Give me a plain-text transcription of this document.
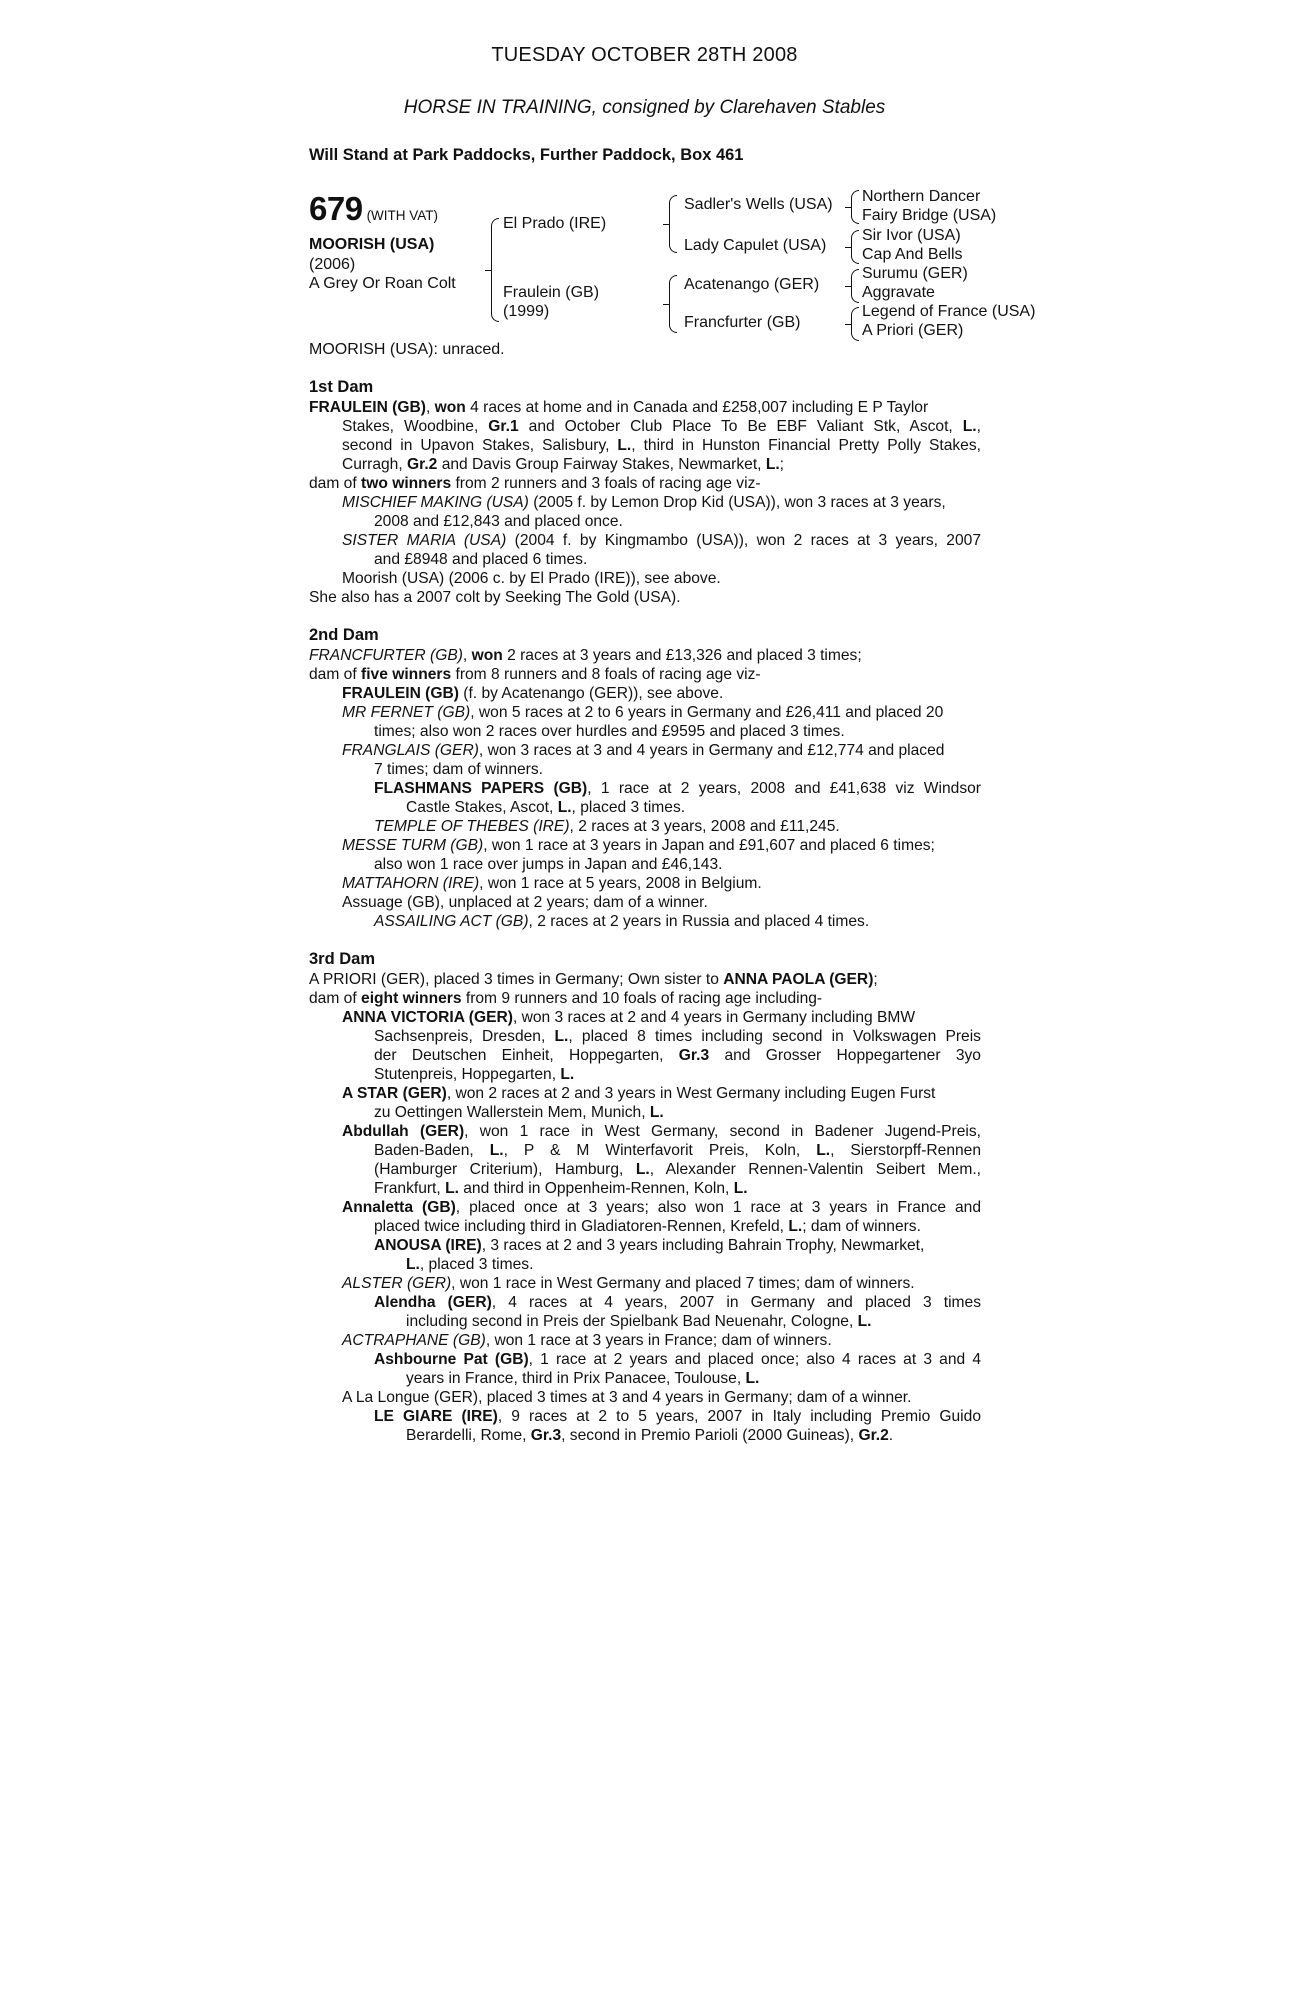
TUESDAY OCTOBER 28TH 2008
HORSE IN TRAINING, consigned by Clarehaven Stables
Will Stand at Park Paddocks, Further Paddock, Box 461
679 (WITH VAT)
MOORISH (USA)
(2006)
A Grey Or Roan Colt
El Prado (IRE)
Fraulein (GB)
(1999)
Sadler's Wells (USA)
Lady Capulet (USA)
Acatenango (GER)
Francfurter (GB)
Northern Dancer
Fairy Bridge (USA)
Sir Ivor (USA)
Cap And Bells
Surumu (GER)
Aggravate
Legend of France (USA)
A Priori (GER)
MOORISH (USA): unraced.
1st Dam
FRAULEIN (GB), won 4 races at home and in Canada and £258,007 including E P Taylor
Stakes, Woodbine, Gr.1 and October Club Place To Be EBF Valiant Stk, Ascot, L.,
second in Upavon Stakes, Salisbury, L., third in Hunston Financial Pretty Polly Stakes,
Curragh, Gr.2 and Davis Group Fairway Stakes, Newmarket, L.;
dam of two winners from 2 runners and 3 foals of racing age viz-
MISCHIEF MAKING (USA) (2005 f. by Lemon Drop Kid (USA)), won 3 races at 3 years,
2008 and £12,843 and placed once.
SISTER MARIA (USA) (2004 f. by Kingmambo (USA)), won 2 races at 3 years, 2007
and £8948 and placed 6 times.
Moorish (USA) (2006 c. by El Prado (IRE)), see above.
She also has a 2007 colt by Seeking The Gold (USA).
2nd Dam
FRANCFURTER (GB), won 2 races at 3 years and £13,326 and placed 3 times;
dam of five winners from 8 runners and 8 foals of racing age viz-
FRAULEIN (GB) (f. by Acatenango (GER)), see above.
MR FERNET (GB), won 5 races at 2 to 6 years in Germany and £26,411 and placed 20
times; also won 2 races over hurdles and £9595 and placed 3 times.
FRANGLAIS (GER), won 3 races at 3 and 4 years in Germany and £12,774 and placed
7 times; dam of winners.
FLASHMANS PAPERS (GB), 1 race at 2 years, 2008 and £41,638 viz Windsor
Castle Stakes, Ascot, L., placed 3 times.
TEMPLE OF THEBES (IRE), 2 races at 3 years, 2008 and £11,245.
MESSE TURM (GB), won 1 race at 3 years in Japan and £91,607 and placed 6 times;
also won 1 race over jumps in Japan and £46,143.
MATTAHORN (IRE), won 1 race at 5 years, 2008 in Belgium.
Assuage (GB), unplaced at 2 years; dam of a winner.
ASSAILING ACT (GB), 2 races at 2 years in Russia and placed 4 times.
3rd Dam
A PRIORI (GER), placed 3 times in Germany; Own sister to ANNA PAOLA (GER);
dam of eight winners from 9 runners and 10 foals of racing age including-
ANNA VICTORIA (GER), won 3 races at 2 and 4 years in Germany including BMW
Sachsenpreis, Dresden, L., placed 8 times including second in Volkswagen Preis
der Deutschen Einheit, Hoppegarten, Gr.3 and Grosser Hoppegartener 3yo
Stutenpreis, Hoppegarten, L.
A STAR (GER), won 2 races at 2 and 3 years in West Germany including Eugen Furst
zu Oettingen Wallerstein Mem, Munich, L.
Abdullah (GER), won 1 race in West Germany, second in Badener Jugend-Preis,
Baden-Baden, L., P & M Winterfavorit Preis, Koln, L., Sierstorpff-Rennen
(Hamburger Criterium), Hamburg, L., Alexander Rennen-Valentin Seibert Mem.,
Frankfurt, L. and third in Oppenheim-Rennen, Koln, L.
Annaletta (GB), placed once at 3 years; also won 1 race at 3 years in France and
placed twice including third in Gladiatoren-Rennen, Krefeld, L.; dam of winners.
ANOUSA (IRE), 3 races at 2 and 3 years including Bahrain Trophy, Newmarket,
L., placed 3 times.
ALSTER (GER), won 1 race in West Germany and placed 7 times; dam of winners.
Alendha (GER), 4 races at 4 years, 2007 in Germany and placed 3 times
including second in Preis der Spielbank Bad Neuenahr, Cologne, L.
ACTRAPHANE (GB), won 1 race at 3 years in France; dam of winners.
Ashbourne Pat (GB), 1 race at 2 years and placed once; also 4 races at 3 and 4
years in France, third in Prix Panacee, Toulouse, L.
A La Longue (GER), placed 3 times at 3 and 4 years in Germany; dam of a winner.
LE GIARE (IRE), 9 races at 2 to 5 years, 2007 in Italy including Premio Guido
Berardelli, Rome, Gr.3, second in Premio Parioli (2000 Guineas), Gr.2.
